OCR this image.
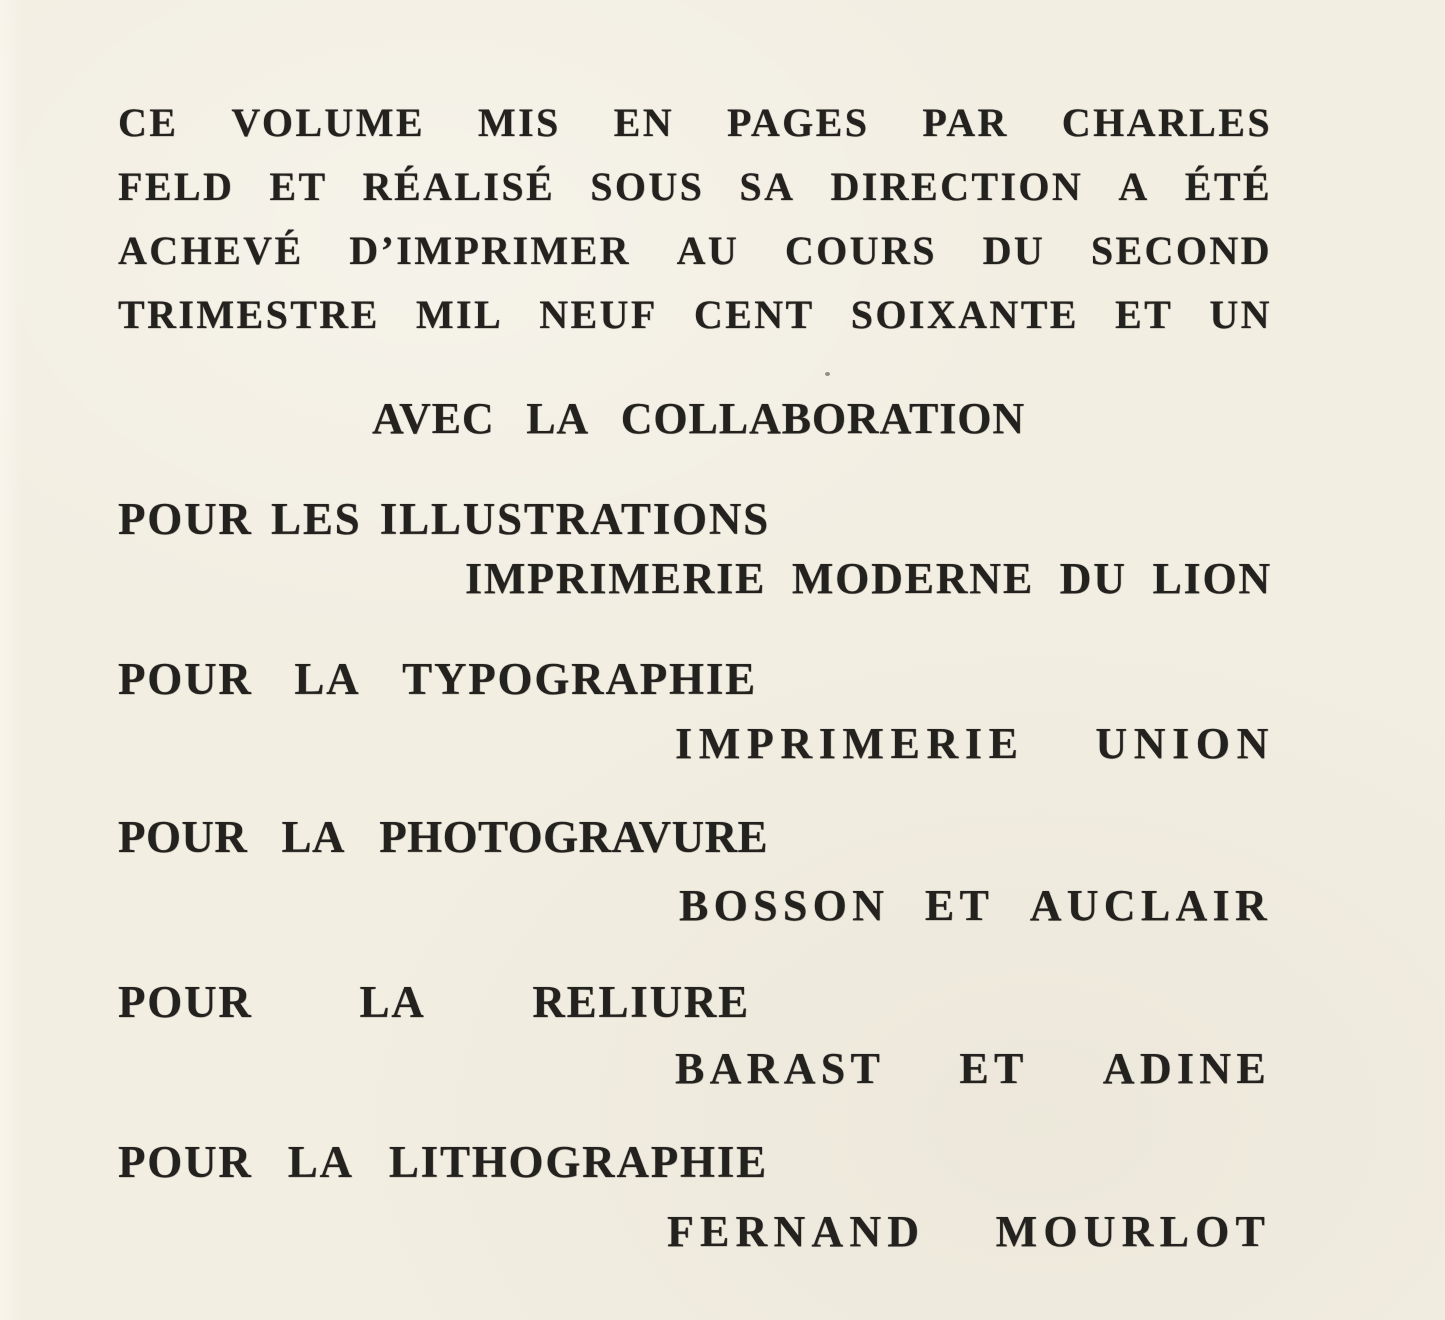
CE VOLUME MIS EN PAGES PAR CHARLES
FELD ET RÉALISÉ SOUS SA DIRECTION A ÉTÉ
ACHEVÉ D’IMPRIMER AU COURS DU SECOND
TRIMESTRE MIL NEUF CENT SOIXANTE ET UN
AVEC LA COLLABORATION
POUR LES ILLUSTRATIONS
IMPRIMERIE MODERNE DU LION
POUR LA TYPOGRAPHIE
IMPRIMERIE UNION
POUR LA PHOTOGRAVURE
BOSSON ET AUCLAIR
POUR LA RELIURE
BARAST ET ADINE
POUR LA LITHOGRAPHIE
FERNAND MOURLOT
